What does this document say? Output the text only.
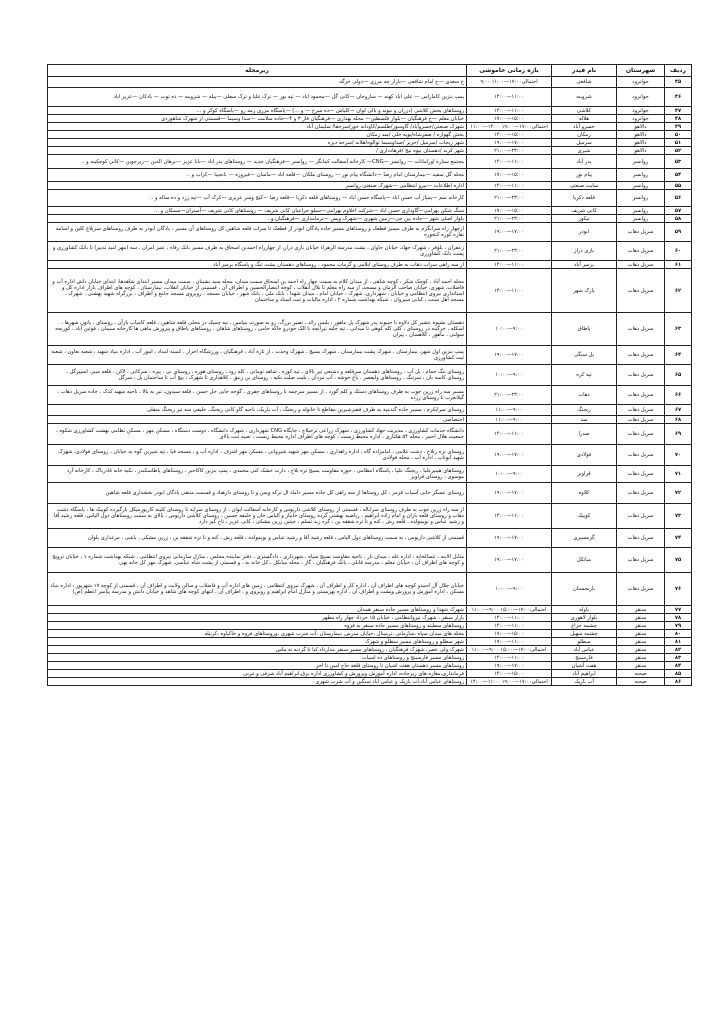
ردیف	شهرستان	نام فیدر	بازه زمانی خاموشی	زیرمجله
۴۵	جوانرود	شافعی	احتمالی۱۷:۰۰—۱۱:۰۰ ۹:۰۰	خ سعدی —خ امام شافعی —بازار چه مرزی —دولی خرگه
۴۶	جوانرود	شروینه	۱۴:۰۰—۱۱:۰۰	پمپ بنزین کاماراس — علی اباد کهنه — ساروخان —کانی گل —محمود اباد — تپه پور — ترک علیا و ترک سفلی —پیله — شروینه — ده توت — بادکان —عزیز اباد
۴۷	جوانرود	کلاشی	۱۴:۰۰—۱۱:۰۰	روستاهای بخش کلاشی (دزران و نیوند و بالی لوان —کلیاش —ده سرخ — و ...) —پاسگاه مرزی رمه رو —پاسگاه کوکر و ...
۴۸	جوانرود	هلاله	۱۷:۰۰—۱۵:۰۰	خیابان معلم —خ فرهنگیان —بلوار فلسطین— محله بهداری —فرهنگیان فاز ۳ و ۴—جاده سلامت —سدا وسیما —قسمتی از شهرک شاهوردی
۴۹	دالاهو	خسرو آباد	احتمالی۱۷:۰۰—۱۹:۰۰ ۱۴:۰۰—۱۱:۰۰	شهرک صنعتی/خسروآباد/ گاوسور/طلسم/کاودانه خور/سرجقا/ سلیمان آباد
۵۰	دالاهو	زمکان	۱۴:۰۰—۱۵:۰۰	بخش گهواره / صفرشاه/بویه خلی /سد زمکان
۵۱	دالاهو	سرمیل	۱۹:۰۰—۱۷:۰۰	شهر ریجاب /سرمیل /حریر /صداوسیما توالوه/هلانه /سرخه دیزه
۵۲	دالاهو	شیری	۲۱:۰۰—۲۳:۰۰	شهر کرند /دهستان بیوه نیج /فرهادداری /
۵۳	روانسر	پدر آباد	۱۴:۰۰—۱۱:۰۰	مجتمع ستاره اورامانات — روانسر —CNG— کارخانه آسفالت کمانگر — روانسر —فرهنگیان جدید — روستاهای پدر اباد —بابا عزیز —برهان الدین —زیرجوین —کانی کوچکینه و ..
۵۴	روانسر	پیام نور	۱۷:۰۰—۱۵:۰۰	محله گل سفید —بیمارستان امام رضا —دانشگاه پیام نور — روستای ملکان —قلعه اباد —ماسان —فیروزه — بانجیبا —کراب و ..
۵۵	روانسر	سایت صنعتی	۱۴:۰۰—۱۱:۰۰	اداره اطلاعات —نیرو انتظامی —شهرک صنعتی روانسر
۵۶	روانسر	قلعه ذکریا	۲۱:۰۰—۲۳:۰۰	کارخانه سم —پمپاژ آب حسن اباد —پاسگاه حسن اباد — روستاهای قلعه ذکریا —قلعه رضا —کیج وسر عزیزی —کرک آب —تپه زرد و ده ساله و ..
۵۷	روانسر	کانی شریف	۱۷:۰۰—۱۵:۰۰	سنگ شکن بهرامی—گاوداری حسن اباد —شرکت اخلاوم بهرامی—سیلو جراعیان کانی شریف — روستاهای کانی شریف —آستران—سمکان و ...
۵۸	روانسر	نیکور	۲۱:۰۰—۲۳:۰۰	بلوار اصلی شهر —جاده بین جی—زمین شهری —شهرک ویس —ترمامداری —فرهنگیان و..
۵۹	سرپل ذهاب	ابوذر	۱۹:۰۰—۱۷:۰۰	ازچهار راه سرابگرم به طرف مسیر قطعک و روستاهای مسیر جاده پادگان ابوذر از قطعک تا سراب قلعه شاهین کل روستاهای آن مسیر ، پادگان ابوذر به طرف روستاهای سرپلاغ کلین و اسامه تقاره کوره کنجوره
۶۰	سرپل ذهاب	بازی دراز	۲۱:۰۰—۲۳:۰۰	زعفران ، بلوفر ، شهرک جهاد، خیابان حاوان ، پشت مدرسه الزهراء خیابان بازی دراز، از چهارراه احمدبن اسحاق به طرف مسیر بانک رفاه ، عمر امران ، سه (مهر امید تدبیر) تا بانک کشاورزی و پشت بانک کشاورزی
۶۱	سرپل ذهاب	بزمیر آباد	۱۴:۰۰—۱۱:۰۰	از سه راهی سراب ذهاب به طرف روستای ایلامی و گرماب محمود ، روستاهای دهستان پشت تنگ و پاسگاه بزمیر آباد
۶۲	سرپل ذهاب	پارک شهر	۱۴:۰۰—۱۱:۰۰	محله احمد آباد ، کوچک شکر ، کوچه شاهی ، از میدان کلام به سمت چهار راه احمد بن اسحاق سمت میدان، محله سید نشینان ، سمت میدان مسیر ابتدای شاهدها، ابتدای خیابان داش اداره آب و فاضلاب، شهری، خیابان صاحب الزمان و مسجد، از سه راه معلم تا بلال انقلاب ، کوچه انتصارالحسین و اطراف آن ، قسمتی از خیابان انقلاب، بیمارستان ، کوچه های اطراف بازار اداره کل و استانداری نیروی انتظامی و خیابان ، شهرداری، شهرک ، خیابان امام ، میدان شهدا ، بانک ملی ، بانک شهر ، خیابان مسجد ، روبروی مسجد جامع و اطراف ، بزرگراه شهید بهشتی ، شهرک ، مسجد اهل سنت ، کبابی سیروان ، شبکه بهداشت شماره ۲ ، اداره مالیات و ثبت اسناد و ساختمان
۶۳	سرپل ذهاب	پاطاق	۱۰:۰۰—۹:۰۰	دهستان بشیوه عشیر کل دلاوه تا جیبوند پدر شهرک پل ماهور ، بلبس رائد ، نصیر بزرگ، رو به صورت بنیامین ، تپه چمیک در محلی قلعه شاهین ، قلعه کامیاب بازآن ، روستای ، پانون شهرها ، اسکله ، خرگینه در روستای ، کلی کله کوهی تا میدانی ، تپه جلیه تیرانچه با الک خودرو خاکه حامی ، روستاهای شاهان ، روستاهای پاطاق و پیرورش ماهی ها کارخانه سیمان ، قوتین آباد ، کوریجه سولنی ، ماهور ، کلاهسان ، پیران
۶۴	سرپل ذهاب	پل سنگی	۱۹:۰۰—۱۷:۰۰	پمپ بنزین اول شهر، بیمارستان ، شهرک پشت بیمارستان ، شهرک بسیج ، شهرک وحدت ، از تازه آباد ، فرهنگیان ، ورزشگاه احرار ، کمیته امداد ، امور آب ، اداره بنیاد شهید ، شعبه تعاون ، شعبه ثبت کشاورزی
۶۵	سرپل ذهاب	تپه کره	۱۰:۰۰—۹:۰۰	روستای تنگ حمام ، یل آب ، روستاهای دهستان سرقلعه و دشتعی تیر بالای ، تپه کوره ، شاهد تومانی ، کله رود ، روستای هوره ، روستای نی ، پیره ، سرکانی ، لاکن ، قلعه سبز، اسپیرگل ، روستای کاسه بان ، سرتنگ ، روستاهای ولیعصر ، باغ خوشه ، آب مردان ، بلیت صلت تکیه ، روستای بن زنبق ، کلاهداری تا شهرک ، پیچ آب تا ساختمان پل ، سرگل
۶۶	سرپل ذهاب	ذهاب	۲۱:۰۰—۲۳:۰۰	مسیر سه راه زرین جوب به طرف روستاهای دستک و کلم گورد ، از مسیر سرچمه تا روستاهای چقری ، گوجه جایی خل حسن ، قلعه سیدون، تیر به بالا ، ناحیه شهید کدک ، جاده سرپل ذهاب ، گیلانغرب تا روستای زرده
۶۷	سرپل ذهاب	ریجنگ	۱۱:۰۰—۹:۰۰	روستای سرابکرم ، مسیر جاده گندمیه به طرف قصرشیرین مقاطع تا خانوله و ریجنگ ، آب باریک، ناحیه گاو کانی ریجنگ، خلیفی سه تیر ریجنگ سفلی
۶۸	سرپل ذهاب	سد	۱۱:۰۰—۹:۰۰	اختصاصی
۶۹	سرپل ذهاب	صدرا	۱۴:۰۰—۱۱:۰۰	دانشگاه خدمات کشاورزی ، مدیریت جهاد کشاورزی ، شهرک زراعی ترخیلاج ، جایگاه CNG شهرداری ، شهرک دانشگاه ، دوست دستگاه ، مسکن مهر ، مسکن نظامی بهشت کشاورزی شکوه ، جمعیت هلال احمر ، محله ۵۴ هکتاری ، اداره محیط زیست ، کوچه های اطراف اداره محیط زیست ، تعبیه ثبت بالای
۷۰	سرپل ذهاب	فولادی	۱۹:۰۰—۱۷:۰۰	روستای تره ریلاخ ، دشت غلامی ، امامزاده گاه ، اداره راهداری ، مسکن مهر شهید شیروانی ، مسکن مهر اشرف ، اداره آب و ، مسجد قبا ، تپه شیرین گوه به خیابان ، روستای فولادی، شهرک شهید آیوتاب ، اداره آب ، محله فولادی
۷۱	سرپل ذهاب	قراویز	۱۰:۰۰—۹:۰۰	روستاهای هینیرعلیا ، ریجنگ علیا ، پاسگاه انتظامی ، حوزه مقاومت بسیج تره بلاخ ، دارت خشک کنی محمدی ، پمپ بنزین کاکاخیر ، روستاهای پاطاسکندر ، تکیه خانه قادرباک ، کارخانه آرد موسوی ، روستای قراویز
۷۲	سرپل ذهاب	کلاوه	۱۹:۰۰—۱۷:۰۰	روستای عسگر خانی آسیاب قرمز ، کل روستاها از سه راهی کل جاده مسیر داماد ال ترکه ویس و تا روستای دارهباد و قسمت منتقی پادگان ابوذر بخشداری قلعه شاهین
۷۳	سرپل ذهاب	کوییک	۱۴:۰۰—۱۱:۰۰	از سه راه زرین جوب به طرف روستای سراباله ، قسمتی از روستای کلاشی داریوس و کارخانه آسفالت ایوان ، از روستای سراپه تا روستای کلینه کاریوزمیکل بازگیرده کوییک ها ، پاسگاه دشت ذهاب و روستای قلعه باران و امام زاده ابراهیم ، ریاضیه بهشتی گرده روستای خانباز و الیاس خان و خلیفه حسین ، روستای کلاشی داریوس ، بالای به سمت روستاهای دول الیاس، قلعه رشید آقا و رشید عباس و بویمولده ، قلعه رش ، کنه و تا تره شفقه بن ، گره زید تسلم ، جیتین زرین مشکی ، کانی عزیز ، تاح کیر دارد
۷۴	سرپل ذهاب	گرمسیری	۱۹:۰۰—۱۷:۰۰	قسمتی از کلاشی داریوس ، به سمت روستاهای دول الیاس ، قلعه رشید آقا و رشید عباس و بویمولده ، قلعه رش ، کنه و تا تره شفقه بن ، زرین مشکی ، باشی ، مرغداری بلوان
۷۵	سرپل ذهاب	میانکل	۱۹:۰۰—۱۷:۰۰	متابل الابنه ، عسالخانه ، اداره غله ، میدان بار ، ناحیه مقاومت بسیج سپاه ، شهرداری ، دادگستری ، دفتر نماینده مجلس ، منازل سازمانی نیروی انتظامی ، شبکه بهداشت شماره ۱ ، خیابان ترویج و کوچه های اطراف آن ، خیابان معلم ، مدرسه قابلی ، بانک فرهنگیان ، گاز ، محله میانکل ، کل خانه به ، و قسمتی از پشت شاه عباسی، شهرک مهر کل خانه بهی
۷۶	سرپل ذهاب	نارنجستان	۱۰:۰۰—۹:۰۰	خیابان جلال آل احمدو کوچه های اطراف آن ، اداره کار و اطراف آن ، شهرک نیروی انتظامی ، زمین های اداره آب و فاضلاب و سالن ولایت و اطراف آن ، قسمتی از کوچه ۱۷ شهریور ، اداره بنیاد مسکن ، اداره آموزش و پرورش وپشت و اطراف آن ، اداره بهزیستی و منازل امام ابراهیم و روبروی و ، اطراف آن ، انتهای کوچه های شاهد و خیابان دانش و مدرسه پیامبر اعظم (ص)
۷۷	سنقر	باوله	احتمالی۱۷:۰۰—۱۵:۰۰ ۹:۰۰—۱۱:۰۰	شهرک شهدا و روستاهای مسیر جاده سنقر همدان
۷۸	سنقر	بلوار لاهوری	۱۴:۰۰—۱۱:۰۰	بازار سنقر ، شهرک نیروانتظامی ، خیابان ۱۵ خرداد چهار راه مطهر
۷۹	سنقر	چشمه جراغ	۱۴:۰۰—۱۱:۰۰	روستاهای سطیته و روستاهای مسیر جاده سنقر به فروه
۸۰	سنقر	چشمه سهیل	۱۷:۰۰—۱۵:۰۰	محله های میدان سپاه ،سازمانی ،ترمینال ،خیابان مدرس ،بیمارستان ،آب شرب شهری ،وروستاهای فروه و خاکیاوه ،کرتیله
۸۱	سنقر	سطلو	۱۷:۰۰—۱۱:۰۰	شهر سطلو و روستاهای مسیر سطلو و شهرک
۸۲	سنقر	عباس آباد	احتمالی۱۷:۰۰—۱۵:۰۰ ۹:۰۰—۱۱:۰۰	شهرک ولی عصر، شهرک فرهنگیان ، روستاهای مسیر سنقر مدارداد کیا تا گردنه نه ماس
۸۳	سنقر	فارسینج	۱۴:۰۰—۱۱:۰۰	روستاهای مسیر فارسینج و روستاهای ده اسیاب
۸۴	سنقر	هفت آشیان	۱۹:۰۰—۱۷:۰۰	روستاهای مسیر دهستان هفت اشیان تا روستای قلعه حاج امین تا اخر
۸۵	صحنه	ابراهیم آباد	۱۴:۰۰—۱۵:۰۰	فرمانداری،مغازه های زیرجاده، اداره آموزش وپرورش و کشاورزی اداره برق،ابراهیم آباد شرقی و غربی
۸۶	صحنه	آب باریک	احتمالی۱۷:۰۰—۱۹:۰۰ ۱۱:۰۰—۱۴:۰۰	روستاهای عباس آباد،آب باریک و عباس اباد سنگین و آب شرب شهری
